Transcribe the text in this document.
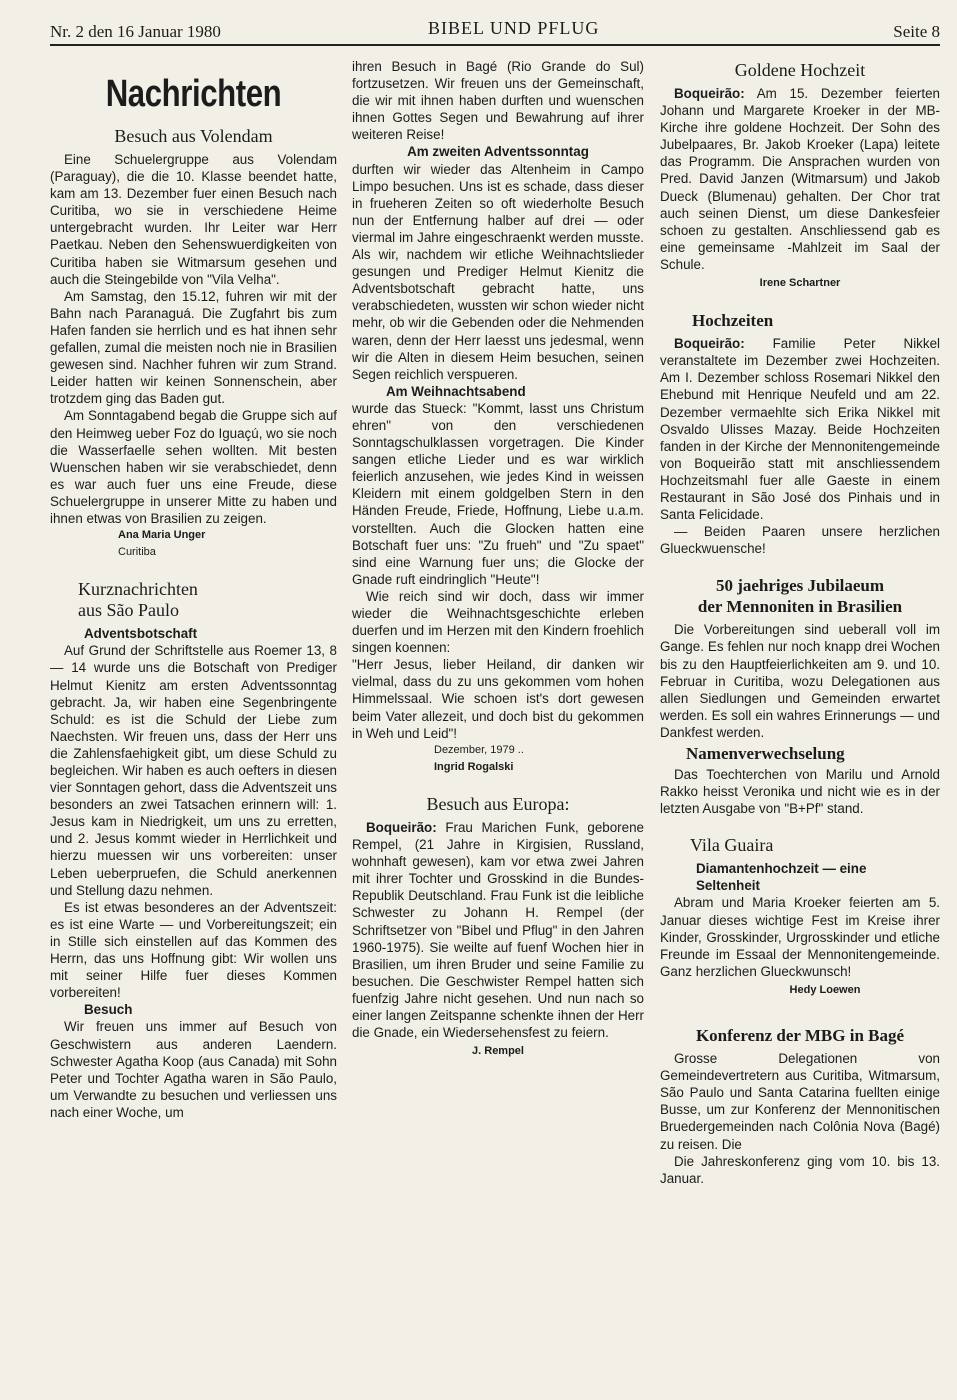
Nr. 2 den 16 Januar 1980	BIBEL UND PFLUG	Seite 8
Nachrichten
Besuch aus Volendam

Eine Schuelergruppe aus Volendam (Paraguay), die die 10. Klasse beendet hatte, kam am 13. Dezember fuer einen Besuch nach Curitiba, wo sie in verschiedene Heime untergebracht wurden. Ihr Leiter war Herr Paetkau. Neben den Sehenswuerdigkeiten von Curitiba haben sie Witmarsum gesehen und auch die Steingebilde von "Vila Velha".

Am Samstag, den 15.12, fuhren wir mit der Bahn nach Paranaguá. Die Zugfahrt bis zum Hafen fanden sie herrlich und es hat ihnen sehr gefallen, zumal die meisten noch nie in Brasilien gewesen sind. Nachher fuhren wir zum Strand. Leider hatten wir keinen Sonnenschein, aber trotzdem ging das Baden gut.

Am Sonntagabend begab die Gruppe sich auf den Heimweg ueber Foz do Iguaçú, wo sie noch die Wasserfaelle sehen wollten. Mit besten Wuenschen haben wir sie verabschiedet, denn es war auch fuer uns eine Freude, diese Schuelergruppe in unserer Mitte zu haben und ihnen etwas von Brasilien zu zeigen.

Ana Maria Unger
Curitiba
Kurznachrichten
aus São Paulo
Adventsbotschaft

Auf Grund der Schriftstelle aus Roemer 13, 8 — 14 wurde uns die Botschaft von Prediger Helmut Kienitz am ersten Adventssonntag gebracht. Ja, wir haben eine Segenbringente Schuld: es ist die Schuld der Liebe zum Naechsten. Wir freuen uns, dass der Herr uns die Zahlensfaehigkeit gibt, um diese Schuld zu begleichen. Wir haben es auch oefters in diesen vier Sonntagen gehort, dass die Adventszeit uns besonders an zwei Tatsachen erinnern will: 1. Jesus kam in Niedrigkeit, um uns zu erretten, und 2. Jesus kommt wieder in Herrlichkeit und hierzu muessen wir uns vorbereiten: unser Leben ueberpruefen, die Schuld anerkennen und Stellung dazu nehmen.

Es ist etwas besonderes an der Adventszeit: es ist eine Warte — und Vorbereitungszeit; ein in Stille sich einstellen auf das Kommen des Herrn, das uns Hoffnung gibt: Wir wollen uns mit seiner Hilfe fuer dieses Kommen vorbereiten!

Besuch

Wir freuen uns immer auf Besuch von Geschwistern aus anderen Laendern. Schwester Agatha Koop (aus Canada) mit Sohn Peter und Tochter Agatha waren in São Paulo, um Verwandte zu besuchen und verliessen uns nach einer Woche, um

ihren Besuch in Bagé (Rio Grande do Sul) fortzusetzen. Wir freuen uns der Gemeinschaft, die wir mit ihnen haben durften und wuenschen ihnen Gottes Segen und Bewahrung auf ihrer weiteren Reise!

Am zweiten Adventssonntag

durften wir wieder das Altenheim in Campo Limpo besuchen. Uns ist es schade, dass dieser in frueheren Zeiten so oft wiederholte Besuch nun der Entfernung halber auf drei — oder viermal im Jahre eingeschraenkt werden musste. Als wir, nachdem wir etliche Weihnachtslieder gesungen und Prediger Helmut Kienitz die Adventsbotschaft gebracht hatte, uns verabschiedeten, wussten wir schon wieder nicht mehr, ob wir die Gebenden oder die Nehmenden waren, denn der Herr laesst uns jedesmal, wenn wir die Alten in diesem Heim besuchen, seinen Segen reichlich verspueren.

Am Weihnachtsabend

wurde das Stueck: "Kommt, lasst uns Christum ehren" von den verschiedenen Sonntagschulklassen vorgetragen. Die Kinder sangen etliche Lieder und es war wirklich feierlich anzusehen, wie jedes Kind in weissen Kleidern mit einem goldgelben Stern in den Händen Freude, Friede, Hoffnung, Liebe u.a.m. vorstellten. Auch die Glocken hatten eine Botschaft fuer uns: "Zu frueh" und "Zu spaet" sind eine Warnung fuer uns; die Glocke der Gnade ruft eindringlich "Heute"!

Wie reich sind wir doch, dass wir immer wieder die Weihnachtsgeschichte erleben duerfen und im Herzen mit den Kindern froehlich singen koennen:

"Herr Jesus, lieber Heiland, dir danken wir vielmal, dass du zu uns gekommen vom hohen Himmelssaal. Wie schoen ist's dort gewesen beim Vater allezeit, und doch bist du gekommen in Weh und Leid"!

Dezember, 1979 ..
Ingrid Rogalski
Besuch aus Europa:

Boqueirão: Frau Marichen Funk, geborene Rempel, (21 Jahre in Kirgisien, Russland, wohnhaft gewesen), kam vor etwa zwei Jahren mit ihrer Tochter und Grosskind in die Bundes-Republik Deutschland. Frau Funk ist die leibliche Schwester zu Johann H. Rempel (der Schriftsetzer von "Bibel und Pflug" in den Jahren 1960-1975). Sie weilte auf fuenf Wochen hier in Brasilien, um ihren Bruder und seine Familie zu besuchen. Die Geschwister Rempel hatten sich fuenfzig Jahre nicht gesehen. Und nun nach so einer langen Zeitspanne schenkte ihnen der Herr die Gnade, ein Wiedersehensfest zu feiern.

J. Rempel
Goldene Hochzeit

Boqueirão: Am 15. Dezember feierten Johann und Margarete Kroeker in der MB-Kirche ihre goldene Hochzeit. Der Sohn des Jubelpaares, Br. Jakob Kroeker (Lapa) leitete das Programm. Die Ansprachen wurden von Pred. David Janzen (Witmarsum) und Jakob Dueck (Blumenau) gehalten. Der Chor trat auch seinen Dienst, um diese Dankesfeier schoen zu gestalten. Anschliessend gab es eine gemeinsame -Mahlzeit im Saal der Schule.

Irene Schartner
Hochzeiten

Boqueirão: Familie Peter Nikkel veranstaltete im Dezember zwei Hochzeiten. Am I. Dezember schloss Rosemari Nikkel den Ehebund mit Henrique Neufeld und am 22. Dezember vermaehlte sich Erika Nikkel mit Osvaldo Ulisses Mazay. Beide Hochzeiten fanden in der Kirche der Mennonitengemeinde von Boqueirão statt mit anschliessendem Hochzeitsmahl fuer alle Gaeste in einem Restaurant in São José dos Pinhais und in Santa Felicidade.

— Beiden Paaren unsere herzlichen Glueckwuensche!

50 jaehriges Jubilaeum
der Mennoniten in Brasilien

Die Vorbereitungen sind ueberall voll im Gange. Es fehlen nur noch knapp drei Wochen bis zu den Hauptfeierlichkeiten am 9. und 10. Februar in Curitiba, wozu Delegationen aus allen Siedlungen und Gemeinden erwartet werden. Es soll ein wahres Erinnerungs — und Dankfest werden.

Namenverwechselung

Das Toechterchen von Marilu und Arnold Rakko heisst Veronika und nicht wie es in der letzten Ausgabe von "B+Pf" stand.

Vila Guaira
Diamantenhochzeit — eine
Seltenheit

Abram und Maria Kroeker feierten am 5. Januar dieses wichtige Fest im Kreise ihrer Kinder, Grosskinder, Urgrosskinder und etliche Freunde im Essaal der Mennonitengemeinde. Ganz herzlichen Glueckwunsch!

Hedy Loewen
Konferenz der MBG in Bagé

Grosse Delegationen von Gemeindevertretern aus Curitiba, Witmarsum, São Paulo und Santa Catarina fuellten einige Busse, um zur Konferenz der Mennonitischen Bruedergemeinden nach Colônia Nova (Bagé) zu reisen. Die

Die Jahreskonferenz ging vom 10. bis 13. Januar.
